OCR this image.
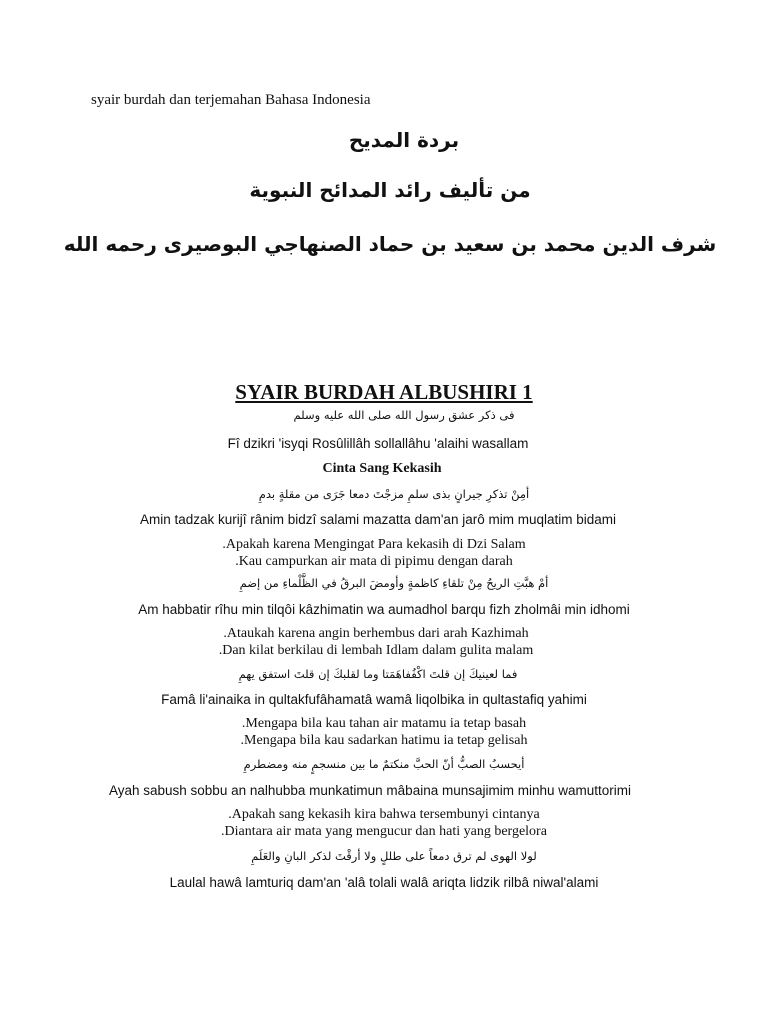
syair burdah dan terjemahan Bahasa Indonesia
بردة المديح
من تأليف رائد المدائح النبوية
شرف الدين محمد بن سعيد بن حماد الصنهاجي البوصيرى رحمه الله
SYAIR BURDAH ALBUSHIRI 1
فى ذكر عشق رسول الله صلى الله عليه وسلم
Fî dzikri 'isyqi Rosûlillâh sollallâhu 'alaihi wasallam
Cinta Sang Kekasih
أمِنْ تذكرِ جيرانٍ بذى سلمِ مزجْتَ دمعا جَرَى من مقلةٍ بدمِ
Amin tadzak kurijî rânim bidzî salami mazatta dam'an jarô mim muqlatim bidami
.Apakah karena Mengingat Para kekasih di Dzi Salam
.Kau campurkan air mata di pipimu dengan darah
أمْ هبَّتِ الريحُ مِنْ تلقاءِ كاظمةٍ وأومضَ البرقُ في الظَّلْماءِ من إضمِ
Am habbatir rîhu min tilqôi kâzhimatin wa aumadhol barqu fizh zholmâi min idhomi
.Ataukah karena angin berhembus dari arah Kazhimah
.Dan kilat berkilau di lembah Idlam dalam gulita malam
فما لعينيكَ إن قلتَ اكْفُفاهَمَتا وما لقلبكَ إن قلتَ استفق يهمِ
Famâ li'ainaika in qultakfufâhamatâ wamâ liqolbika in qultastafiq yahimi
.Mengapa bila kau tahan air matamu ia tetap basah
.Mengapa bila kau sadarkan hatimu ia tetap gelisah
أيحسبُ الصبُّ أنّ الحبَّ منكتمٌ ما بين منسجمٍ منه ومضطرمِ
Ayah sabush sobbu an nalhubba munkatimun mâbaina munsajimim minhu wamuttorimi
.Apakah sang kekasih kira bahwa tersembunyi cintanya
.Diantara air mata yang mengucur dan hati yang bergelora
لولا الهوى لم ترق دمعاً على طللٍ ولا أرقْتَ لذكر البانِ والعَلَمِ
Laulal hawâ lamturiq dam'an 'alâ tolali walâ ariqta lidzik rilbâ niwal'alami
